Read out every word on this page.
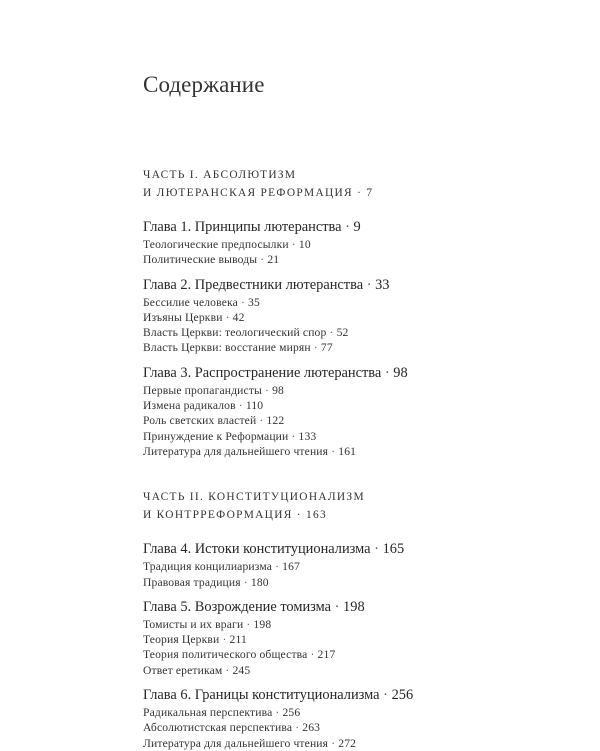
Содержание
ЧАСТЬ I. АБСОЛЮТИЗМ
И ЛЮТЕРАНСКАЯ РЕФОРМАЦИЯ · 7
Глава 1. Принципы лютеранства · 9
Теологические предпосылки · 10
Политические выводы · 21
Глава 2. Предвестники лютеранства · 33
Бессилие человека · 35
Изъяны Церкви · 42
Власть Церкви: теологический спор · 52
Власть Церкви: восстание мирян · 77
Глава 3. Распространение лютеранства · 98
Первые пропагандисты · 98
Измена радикалов · 110
Роль светских властей · 122
Принуждение к Реформации · 133
Литература для дальнейшего чтения · 161
ЧАСТЬ II. КОНСТИТУЦИОНАЛИЗМ
И КОНТРРЕФОРМАЦИЯ · 163
Глава 4. Истоки конституционализма · 165
Традиция концилиаризма · 167
Правовая традиция · 180
Глава 5. Возрождение томизма · 198
Томисты и их враги · 198
Теория Церкви · 211
Теория политического общества · 217
Ответ еретикам · 245
Глава 6. Границы конституционализма · 256
Радикальная перспектива · 256
Абсолютистская перспектива · 263
Литература для дальнейшего чтения · 272
